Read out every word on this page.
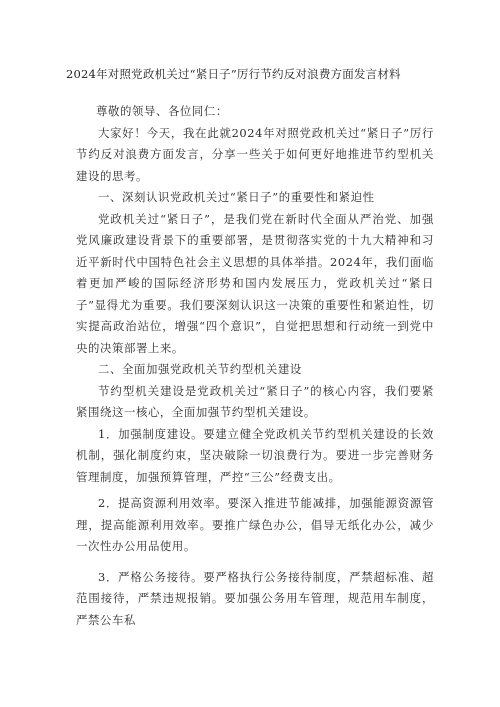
2024年对照党政机关过“紧日子”厉行节约反对浪费方面发言材料

尊敬的领导、各位同仁：

大家好！今天，我在此就2024年对照党政机关过“紧日子”厉行节约反对浪费方面发言，分享一些关于如何更好地推进节约型机关建设的思考。

一、深刻认识党政机关过“紧日子”的重要性和紧迫性

党政机关过“紧日子”，是我们党在新时代全面从严治党、加强党风廉政建设背景下的重要部署，是贯彻落实党的十九大精神和习近平新时代中国特色社会主义思想的具体举措。2024年，我们面临着更加严峻的国际经济形势和国内发展压力，党政机关过“紧日子”显得尤为重要。我们要深刻认识这一决策的重要性和紧迫性，切实提高政治站位，增强“四个意识”，自觉把思想和行动统一到党中央的决策部署上来。

二、全面加强党政机关节约型机关建设

节约型机关建设是党政机关过“紧日子”的核心内容，我们要紧紧围绕这一核心，全面加强节约型机关建设。

1．加强制度建设。要建立健全党政机关节约型机关建设的长效机制，强化制度约束，坚决破除一切浪费行为。要进一步完善财务管理制度，加强预算管理，严控“三公”经费支出。

2．提高资源利用效率。要深入推进节能减排，加强能源资源管理，提高能源利用效率。要推广绿色办公，倡导无纸化办公，减少一次性办公用品使用。

3．严格公务接待。要严格执行公务接待制度，严禁超标准、超范围接待，严禁违规报销。要加强公务用车管理，规范用车制度，严禁公车私
